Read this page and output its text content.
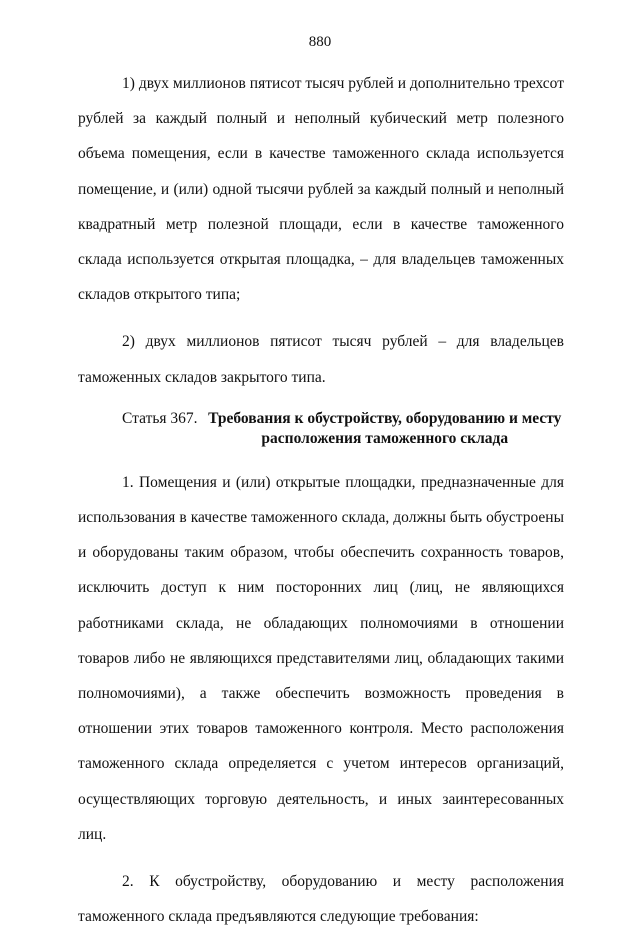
880

1) двух миллионов пятисот тысяч рублей и дополнительно трехсот рублей за каждый полный и неполный кубический метр полезного объема помещения, если в качестве таможенного склада используется помещение, и (или) одной тысячи рублей за каждый полный и неполный квадратный метр полезной площади, если в качестве таможенного склада используется открытая площадка, – для владельцев таможенных складов открытого типа;

2) двух миллионов пятисот тысяч рублей – для владельцев таможенных складов закрытого типа.

Статья 367. Требования к обустройству, оборудованию и месту расположения таможенного склада

1. Помещения и (или) открытые площадки, предназначенные для использования в качестве таможенного склада, должны быть обустроены и оборудованы таким образом, чтобы обеспечить сохранность товаров, исключить доступ к ним посторонних лиц (лиц, не являющихся работниками склада, не обладающих полномочиями в отношении товаров либо не являющихся представителями лиц, обладающих такими полномочиями), а также обеспечить возможность проведения в отношении этих товаров таможенного контроля. Место расположения таможенного склада определяется с учетом интересов организаций, осуществляющих торговую деятельность, и иных заинтересованных лиц.

2. К обустройству, оборудованию и месту расположения таможенного склада предъявляются следующие требования:
